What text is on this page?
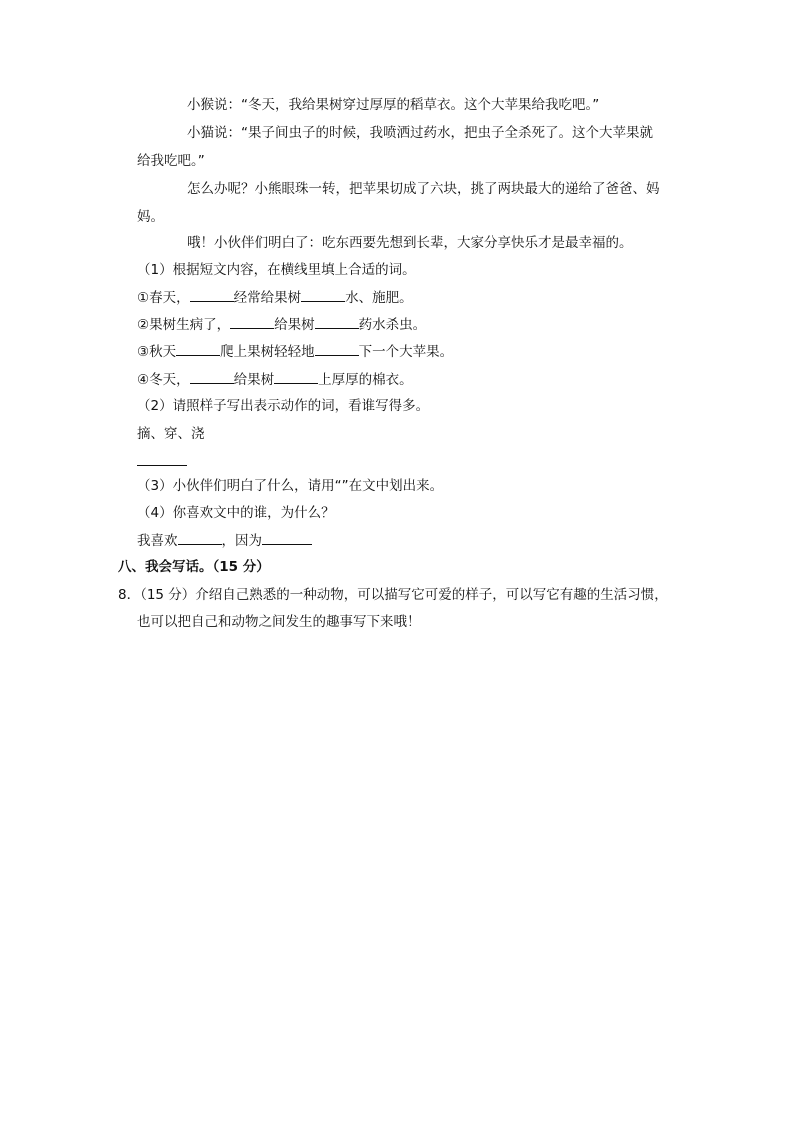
小猴说：“冬天，我给果树穿过厚厚的稻草衣。这个大苹果给我吃吧。”
小猫说：“果子间虫子的时候，我喷洒过药水，把虫子全杀死了。这个大苹果就
给我吃吧。”
怎么办呢？小熊眼珠一转，把苹果切成了六块，挑了两块最大的递给了爸爸、妈
妈。
哦！小伙伴们明白了：吃东西要先想到长辈，大家分享快乐才是最幸福的。
（1）根据短文内容，在横线里填上合适的词。
①春天，	经常给果树	水、施肥。
②果树生病了，	给果树	药水杀虫。
③秋天	爬上果树轻轻地	下一个大苹果。
④冬天，	给果树	上厚厚的棉衣。
（2）请照样子写出表示动作的词，看谁写得多。
摘、穿、浇
（3）小伙伴们明白了什么，请用“”在文中划出来。
（4）你喜欢文中的谁，为什么？
我喜欢	，因为
八、我会写话。（15 分）
8．（15 分）介绍自己熟悉的一种动物，可以描写它可爱的样子，可以写它有趣的生活习惯，
也可以把自己和动物之间发生的趣事写下来哦！
